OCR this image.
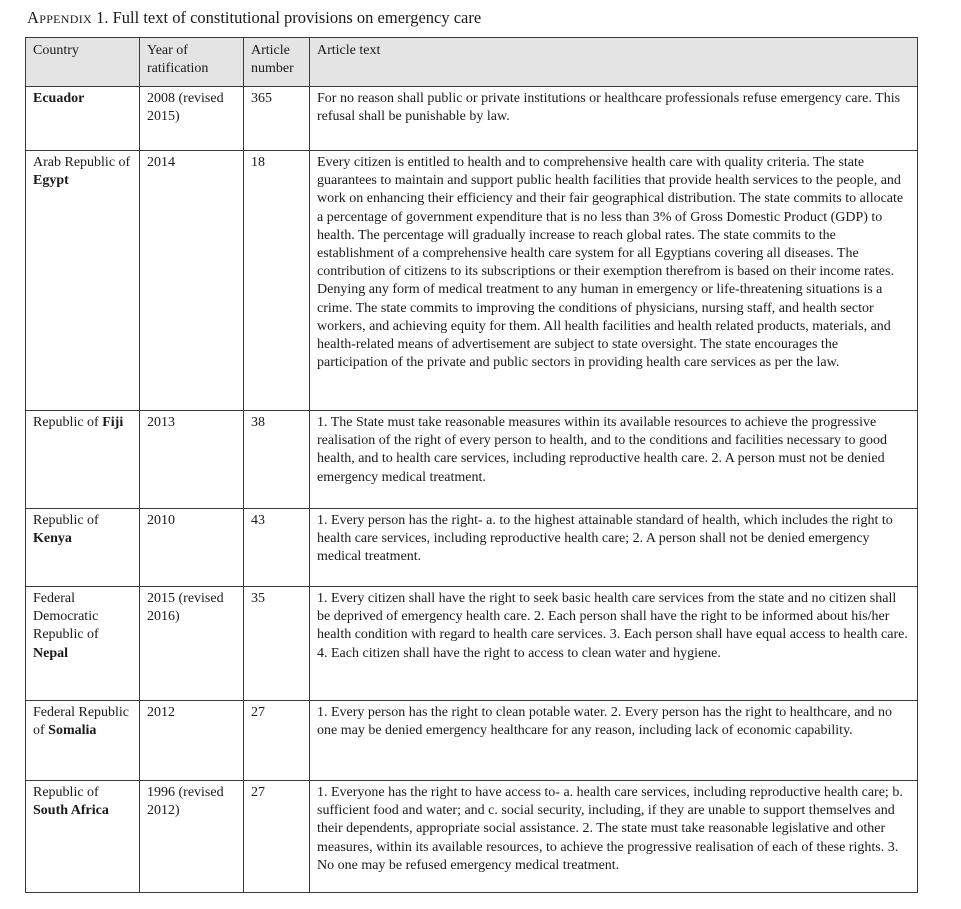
Appendix 1. Full text of constitutional provisions on emergency care
Country	Year of ratification	Article number	Article text
Ecuador	2008 (revised 2015)	365	For no reason shall public or private institutions or healthcare professionals refuse emergency care. This refusal shall be punishable by law.
Arab Republic of Egypt	2014	18	Every citizen is entitled to health and to comprehensive health care with quality criteria. The state guarantees to maintain and support public health facilities that provide health services to the people, and work on enhancing their efficiency and their fair geographical distribution. The state commits to allocate a percentage of government expenditure that is no less than 3% of Gross Domestic Product (GDP) to health. The percentage will gradually increase to reach global rates. The state commits to the establishment of a comprehensive health care system for all Egyptians covering all diseases. The contribution of citizens to its subscriptions or their exemption therefrom is based on their income rates. Denying any form of medical treatment to any human in emergency or life-threatening situations is a crime. The state commits to improving the conditions of physicians, nursing staff, and health sector workers, and achieving equity for them. All health facilities and health related products, materials, and health-related means of advertisement are subject to state oversight. The state encourages the participation of the private and public sectors in providing health care services as per the law.
Republic of Fiji	2013	38	1. The State must take reasonable measures within its available resources to achieve the progressive realisation of the right of every person to health, and to the conditions and facilities necessary to good health, and to health care services, including reproductive health care. 2. A person must not be denied emergency medical treatment.
Republic of Kenya	2010	43	1. Every person has the right- a. to the highest attainable standard of health, which includes the right to health care services, including reproductive health care; 2. A person shall not be denied emergency medical treatment.
Federal Democratic Republic of Nepal	2015 (revised 2016)	35	1. Every citizen shall have the right to seek basic health care services from the state and no citizen shall be deprived of emergency health care. 2. Each person shall have the right to be informed about his/her health condition with regard to health care services. 3. Each person shall have equal access to health care. 4. Each citizen shall have the right to access to clean water and hygiene.
Federal Republic of Somalia	2012	27	1. Every person has the right to clean potable water. 2. Every person has the right to healthcare, and no one may be denied emergency healthcare for any reason, including lack of economic capability.
Republic of South Africa	1996 (revised 2012)	27	1. Everyone has the right to have access to- a. health care services, including reproductive health care; b. sufficient food and water; and c. social security, including, if they are unable to support themselves and their dependents, appropriate social assistance. 2. The state must take reasonable legislative and other measures, within its available resources, to achieve the progressive realisation of each of these rights. 3. No one may be refused emergency medical treatment.
